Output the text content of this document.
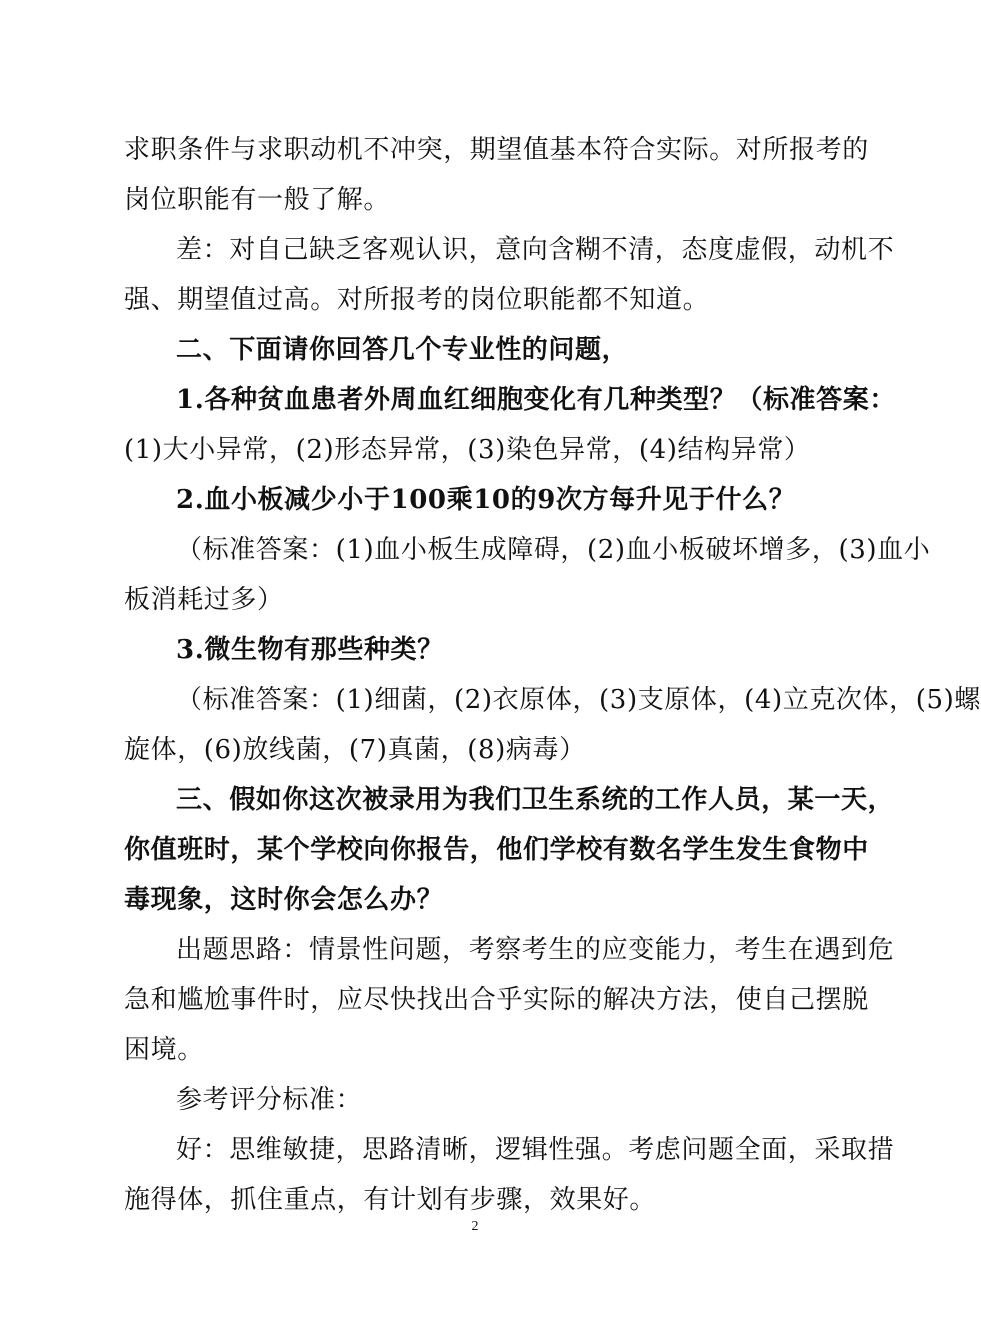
求职条件与求职动机不冲突，期望值基本符合实际。对所报考的
岗位职能有一般了解。
差：对自己缺乏客观认识，意向含糊不清，态度虚假，动机不
强、期望值过高。对所报考的岗位职能都不知道。
二、下面请你回答几个专业性的问题，
1.各种贫血患者外周血红细胞变化有几种类型？（标准答案：
(1)大小异常，(2)形态异常，(3)染色异常，(4)结构异常）
2.血小板减少小于100乘10的9次方每升见于什么？
（标准答案：(1)血小板生成障碍，(2)血小板破坏增多，(3)血小
板消耗过多）
3.微生物有那些种类？
（标准答案：(1)细菌，(2)衣原体，(3)支原体，(4)立克次体，(5)螺
旋体，(6)放线菌，(7)真菌，(8)病毒）
三、假如你这次被录用为我们卫生系统的工作人员，某一天，
你值班时，某个学校向你报告，他们学校有数名学生发生食物中
毒现象，这时你会怎么办？
出题思路：情景性问题，考察考生的应变能力，考生在遇到危
急和尴尬事件时，应尽快找出合乎实际的解决方法，使自己摆脱
困境。
参考评分标准：
好：思维敏捷，思路清晰，逻辑性强。考虑问题全面，采取措
施得体，抓住重点，有计划有步骤，效果好。
2
